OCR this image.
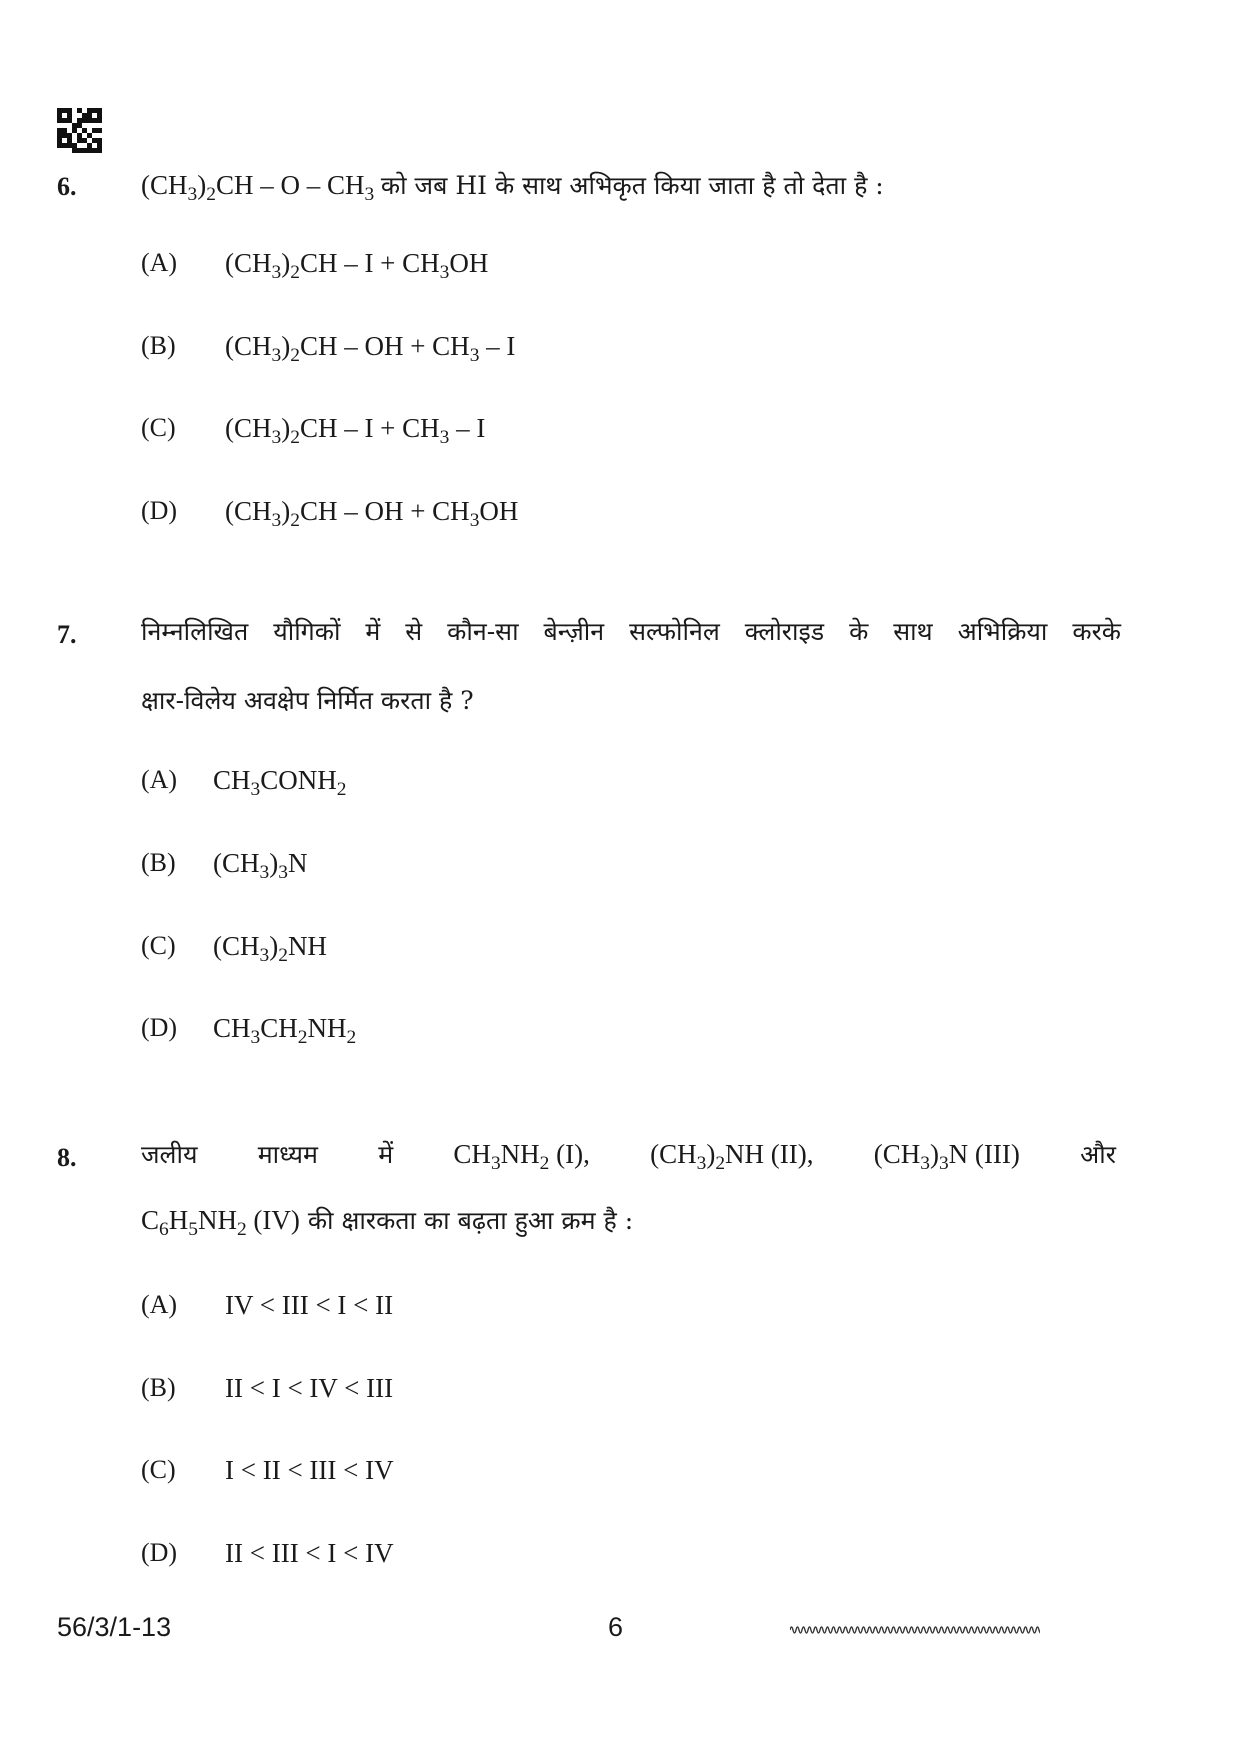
6. $(CH_3)_2CH$ – O – $CH_3$ को जब HI के साथ अभिकृत किया जाता है तो देता है :
(A) $(CH_3)_2CH - I + CH_3OH$
(B) $(CH_3)_2CH$ – OH + $CH_3$ – I
(C) $(CH_3)_2CH - I + CH_3 - I$
(D) $(CH_3)_2CH$ – OH + $CH_3OH$
7.	निम्नलिखित यौगिकों में से कौन-सा बेन्ज़ीन सल्फोनिल क्लोराइड के साथ अभिक्रिया करके
क्षार-विलेय अवक्षेप निर्मित करता है ?
(A) $CH_3CONH_2$
(B) $(CH_3)_3N$
(C) $(CH_3)_2NH$
(D) $CH_3CH_2NH_2$
8.	जलीय माध्यम में $CH_3NH_2$ (I), $(CH_3)_2NH$ (II), $(CH_3)_3N$ (III) और
$C_6H_5NH_2$ (IV) की क्षारकता का बढ़ता हुआ क्रम है :
(A) IV < III < I < II
(B) II < I < IV < III
(C) I < II < III < IV
(D) II < III < I < IV
56/3/1-13	6
